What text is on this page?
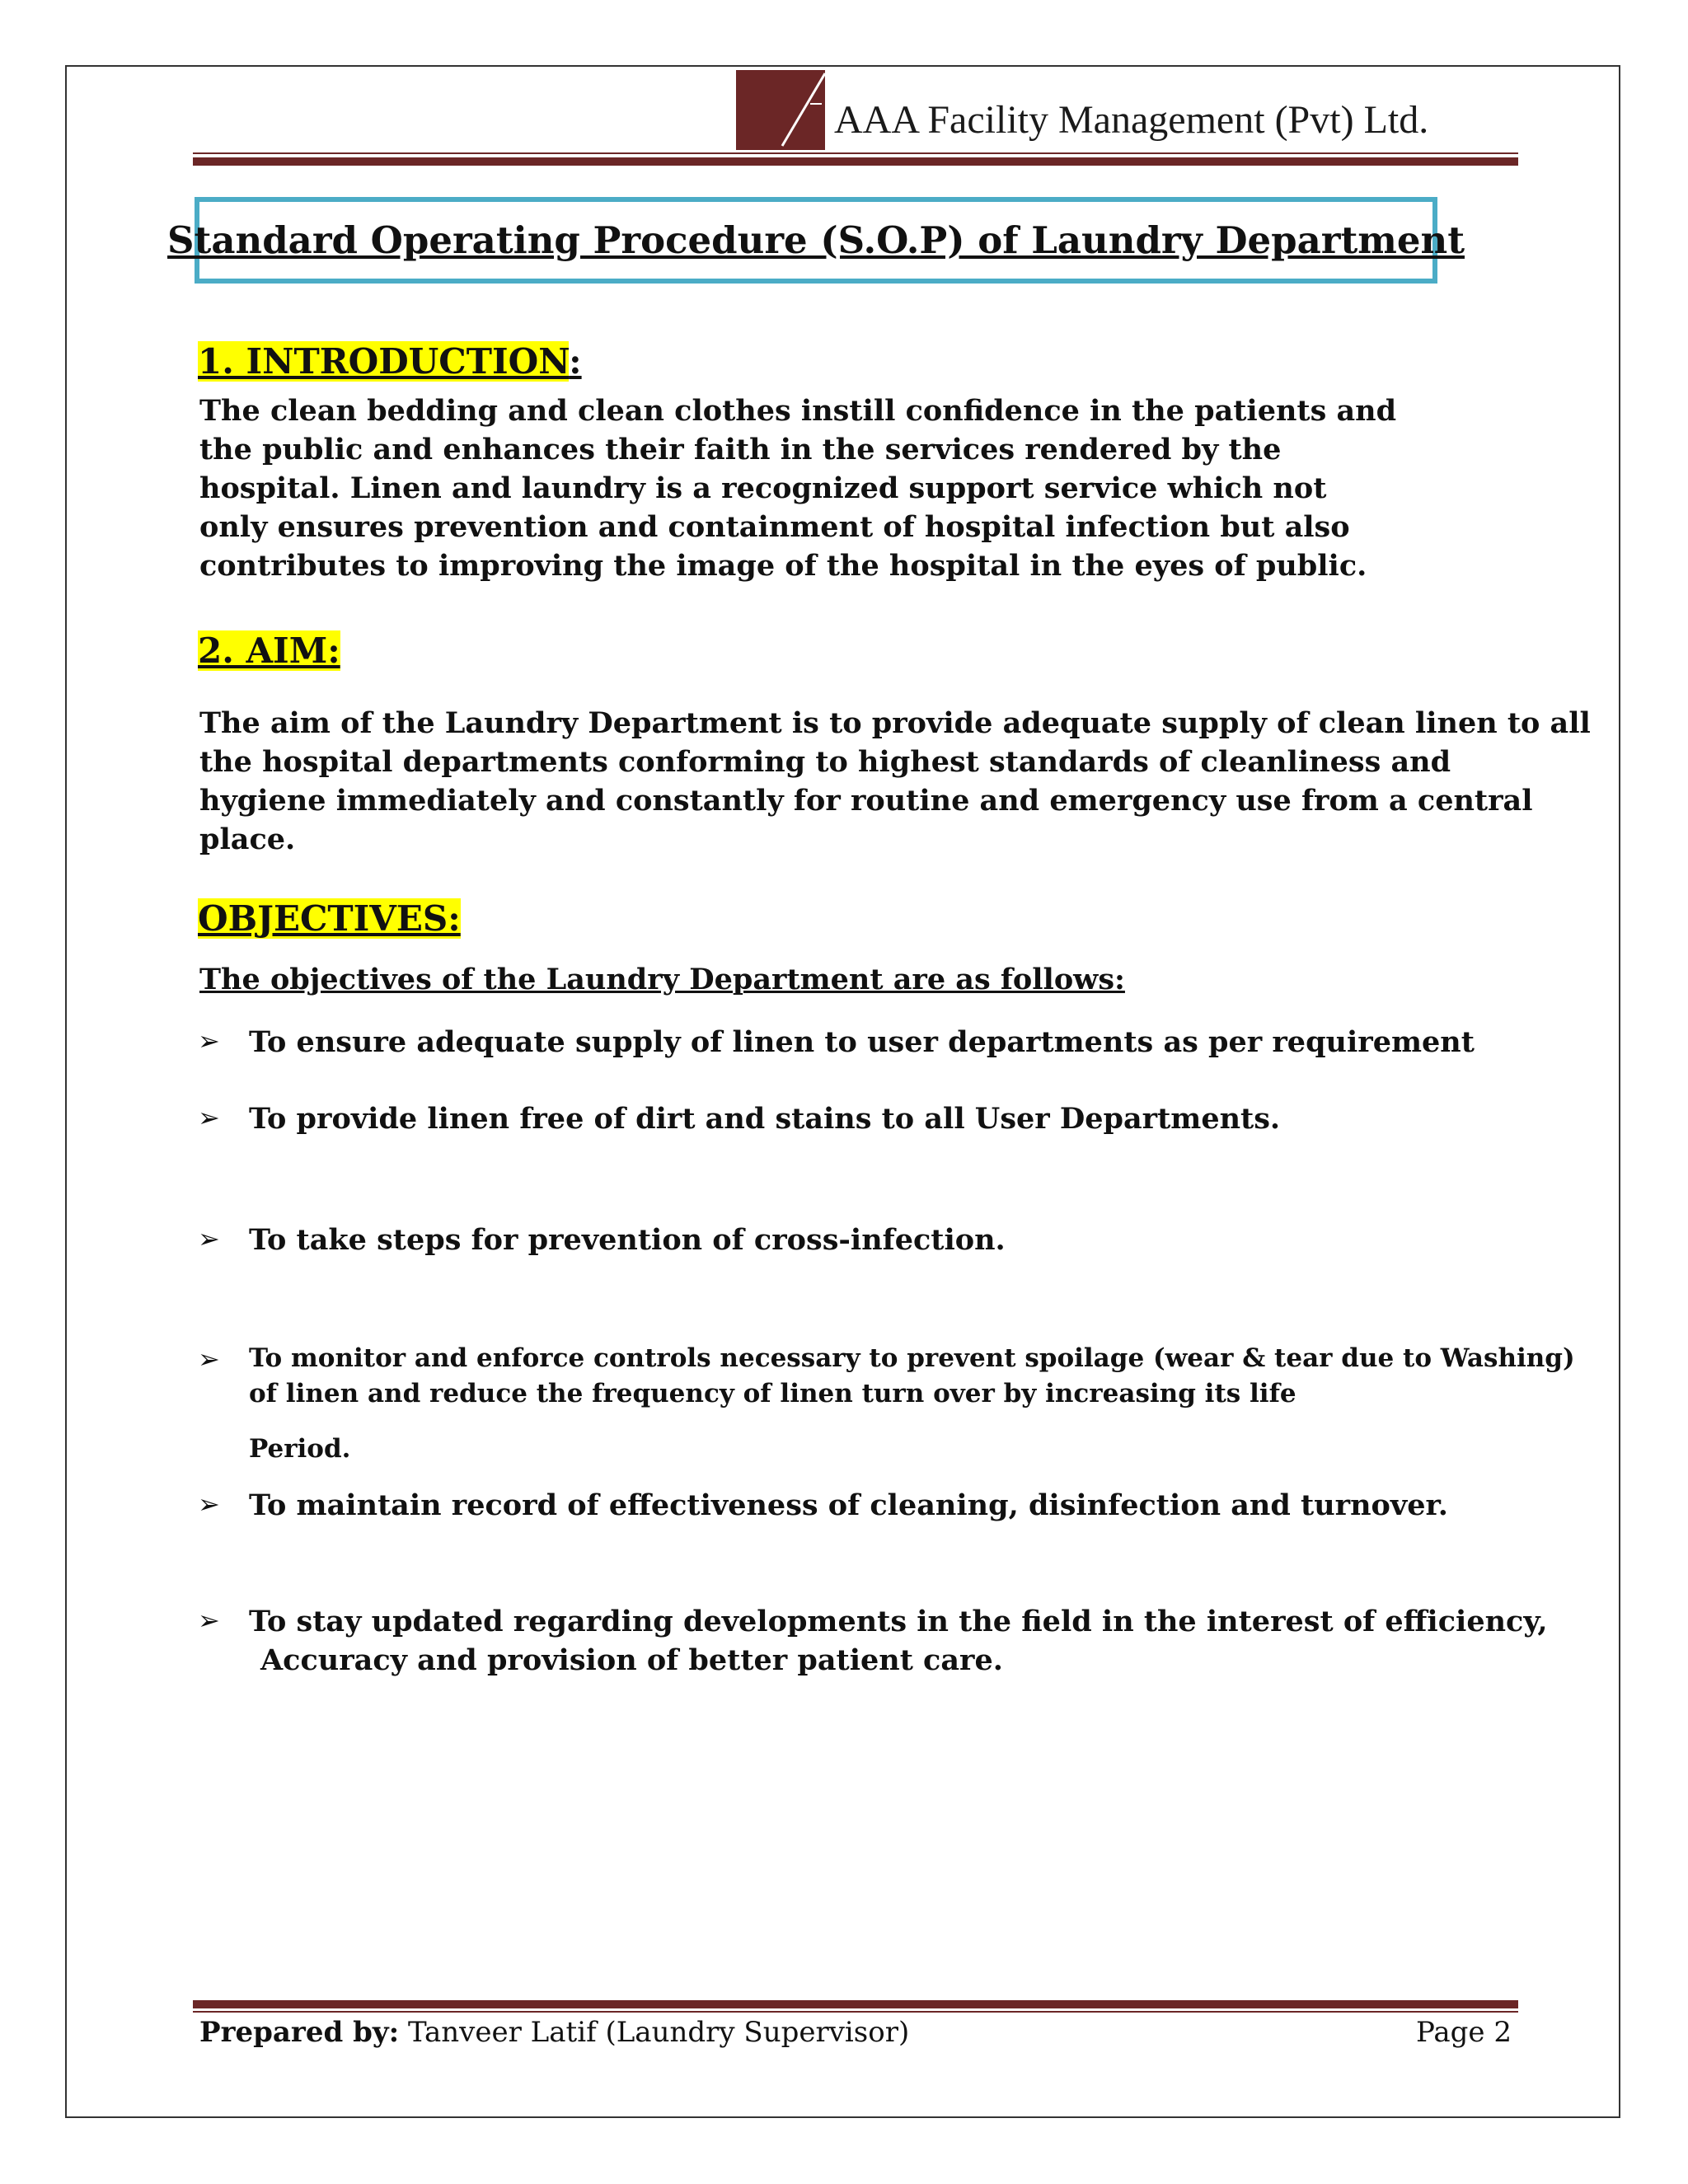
AAA Facility Management (Pvt) Ltd.
Standard Operating Procedure (S.O.P) of Laundry Department
1. INTRODUCTION:
The clean bedding and clean clothes instill confidence in the patients and
the public and enhances their faith in the services rendered by the
hospital. Linen and laundry is a recognized support service which not
only ensures prevention and containment of hospital infection but also
contributes to improving the image of the hospital in the eyes of public.
2. AIM:
The aim of the Laundry Department is to provide adequate supply of clean linen to all
the hospital departments conforming to highest standards of cleanliness and
hygiene immediately and constantly for routine and emergency use from a central
place.
OBJECTIVES:
The objectives of the Laundry Department are as follows:
➢ To ensure adequate supply of linen to user departments as per requirement
➢ To provide linen free of dirt and stains to all User Departments.
➢ To take steps for prevention of cross-infection.
➢ To monitor and enforce controls necessary to prevent spoilage (wear & tear due to Washing)
of linen and reduce the frequency of linen turn over by increasing its life
Period.
➢ To maintain record of effectiveness of cleaning, disinfection and turnover.
➢ To stay updated regarding developments in the field in the interest of efficiency,
Accuracy and provision of better patient care.
Prepared by: Tanveer Latif (Laundry Supervisor)	Page 2
